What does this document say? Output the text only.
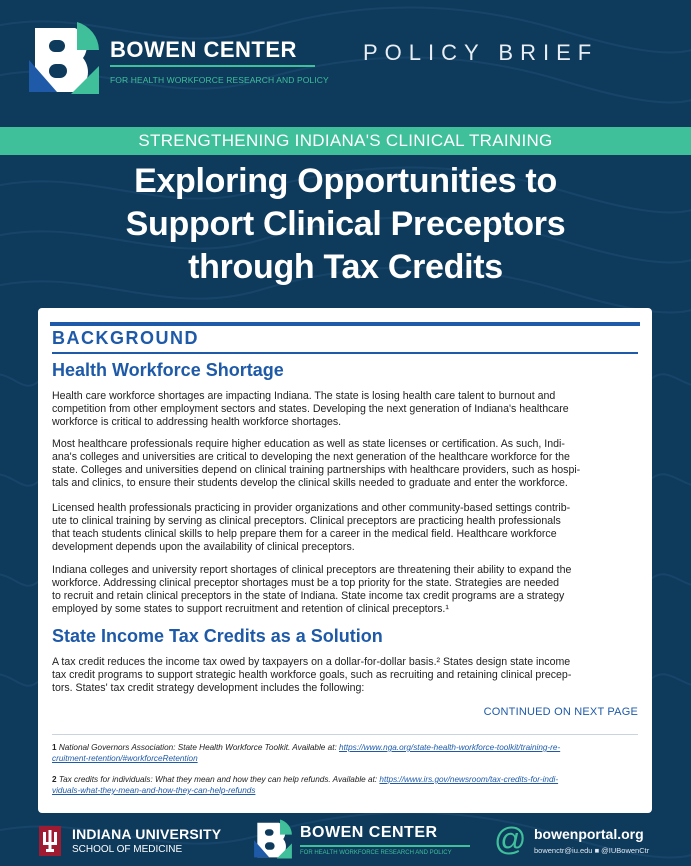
BOWEN CENTER
FOR HEALTH WORKFORCE RESEARCH AND POLICY
POLICY BRIEF
STRENGTHENING INDIANA'S CLINICAL TRAINING
Exploring Opportunities to
Support Clinical Preceptors
through Tax Credits
BACKGROUND
Health Workforce Shortage
Health care workforce shortages are impacting Indiana. The state is losing health care talent to burnout and
competition from other employment sectors and states. Developing the next generation of Indiana's healthcare
workforce is critical to addressing health workforce shortages.
Most healthcare professionals require higher education as well as state licenses or certification. As such, Indi-
ana's colleges and universities are critical to developing the next generation of the healthcare workforce for the
state. Colleges and universities depend on clinical training partnerships with healthcare providers, such as hospi-
tals and clinics, to ensure their students develop the clinical skills needed to graduate and enter the workforce.
Licensed health professionals practicing in provider organizations and other community-based settings contrib-
ute to clinical training by serving as clinical preceptors. Clinical preceptors are practicing health professionals
that teach students clinical skills to help prepare them for a career in the medical field. Healthcare workforce
development depends upon the availability of clinical preceptors.
Indiana colleges and university report shortages of clinical preceptors are threatening their ability to expand the
workforce. Addressing clinical preceptor shortages must be a top priority for the state. Strategies are needed
to recruit and retain clinical preceptors in the state of Indiana. State income tax credit programs are a strategy
employed by some states to support recruitment and retention of clinical preceptors.¹
State Income Tax Credits as a Solution
A tax credit reduces the income tax owed by taxpayers on a dollar-for-dollar basis.² States design state income
tax credit programs to support strategic health workforce goals, such as recruiting and retaining clinical precep-
tors. States' tax credit strategy development includes the following:
CONTINUED ON NEXT PAGE
1 National Governors Association: State Health Workforce Toolkit. Available at: https://www.nga.org/state-health-workforce-toolkit/training-re-
cruitment-retention/#workforceRetention
2 Tax credits for individuals: What they mean and how they can help refunds. Available at: https://www.irs.gov/newsroom/tax-credits-for-indi-
viduals-what-they-mean-and-how-they-can-help-refunds
INDIANA UNIVERSITY
SCHOOL OF MEDICINE
BOWEN CENTER
FOR HEALTH WORKFORCE RESEARCH AND POLICY	@ bowenportal.org
bowenctr@iu.edu ■ @IUBowenCtr
